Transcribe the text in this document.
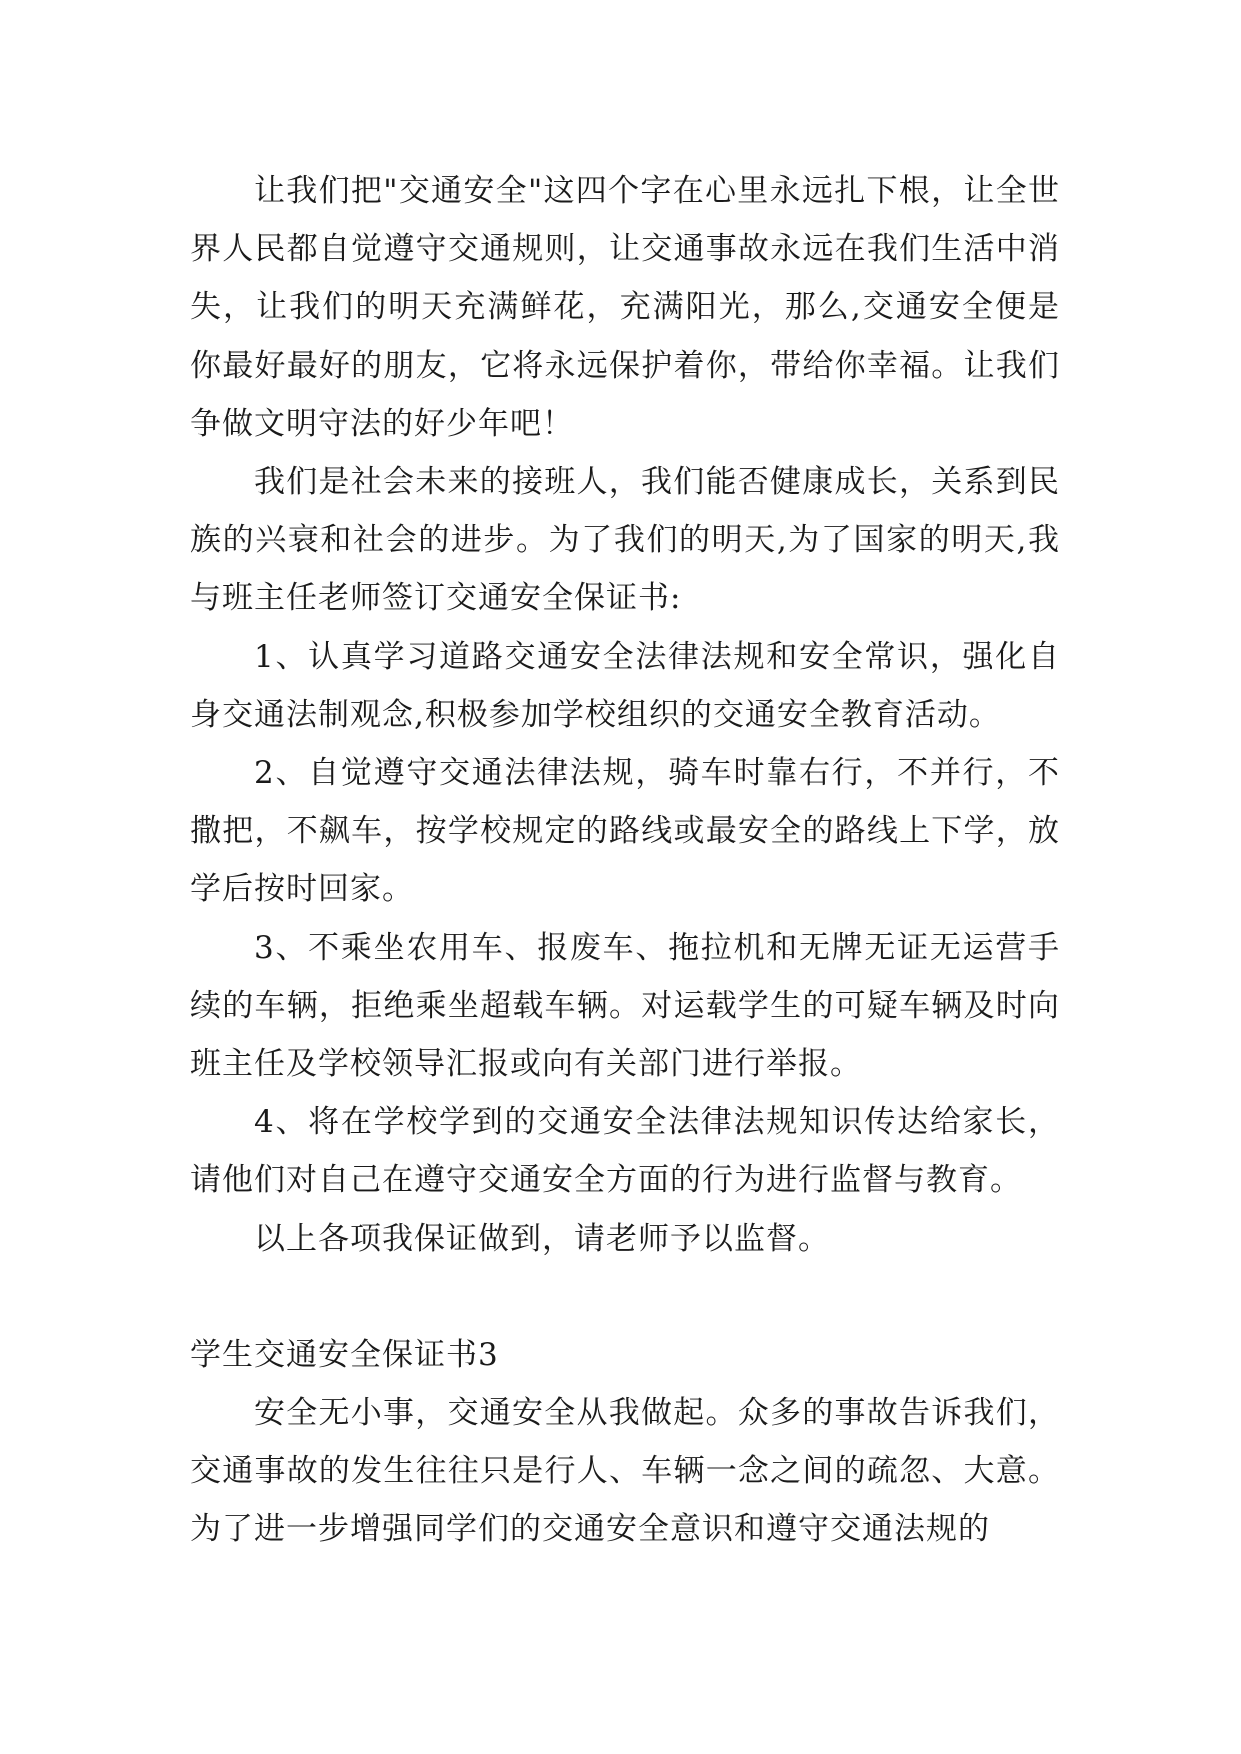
让我们把"交通安全"这四个字在心里永远扎下根，让全世界人民都自觉遵守交通规则，让交通事故永远在我们生活中消失，让我们的明天充满鲜花，充满阳光，那么,交通安全便是你最好最好的朋友，它将永远保护着你，带给你幸福。让我们争做文明守法的好少年吧！

我们是社会未来的接班人，我们能否健康成长，关系到民族的兴衰和社会的进步。为了我们的明天,为了国家的明天,我与班主任老师签订交通安全保证书:

1、认真学习道路交通安全法律法规和安全常识，强化自身交通法制观念,积极参加学校组织的交通安全教育活动。

2、自觉遵守交通法律法规，骑车时靠右行，不并行，不撒把，不飙车，按学校规定的路线或最安全的路线上下学，放学后按时回家。

3、不乘坐农用车、报废车、拖拉机和无牌无证无运营手续的车辆，拒绝乘坐超载车辆。对运载学生的可疑车辆及时向班主任及学校领导汇报或向有关部门进行举报。

4、将在学校学到的交通安全法律法规知识传达给家长，请他们对自己在遵守交通安全方面的行为进行监督与教育。

以上各项我保证做到，请老师予以监督。

学生交通安全保证书3

安全无小事，交通安全从我做起。众多的事故告诉我们，交通事故的发生往往只是行人、车辆一念之间的疏忽、大意。为了进一步增强同学们的交通安全意识和遵守交通法规的
